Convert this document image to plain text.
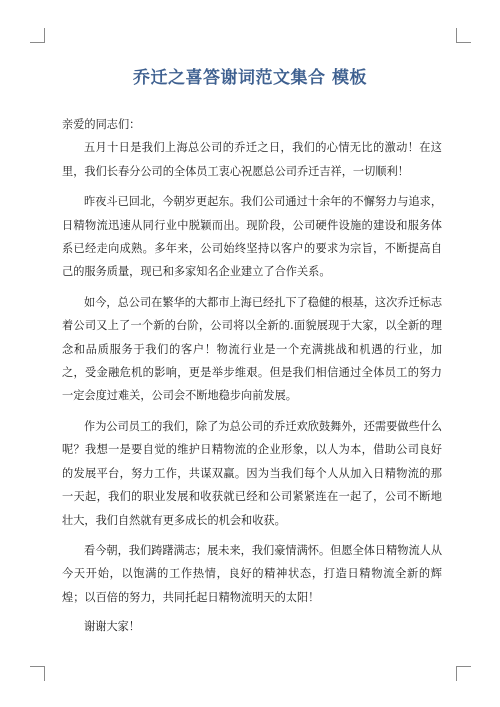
乔迁之喜答谢词范文集合 模板

亲爱的同志们：

五月十日是我们上海总公司的乔迁之日，我们的心情无比的激动！在这里，我们长春分公司的全体员工衷心祝愿总公司乔迁吉祥，一切顺利！

昨夜斗已回北，今朝岁更起东。我们公司通过十余年的不懈努力与追求，日精物流迅速从同行业中脱颖而出。现阶段，公司硬件设施的建设和服务体系已经走向成熟。多年来，公司始终坚持以客户的要求为宗旨，不断提高自己的服务质量，现已和多家知名企业建立了合作关系。

如今，总公司在繁华的大都市上海已经扎下了稳健的根基，这次乔迁标志着公司又上了一个新的台阶，公司将以全新的.面貌展现于大家，以全新的理念和品质服务于我们的客户！物流行业是一个充满挑战和机遇的行业，加之，受金融危机的影响，更是举步维艰。但是我们相信通过全体员工的努力一定会度过难关，公司会不断地稳步向前发展。

作为公司员工的我们，除了为总公司的乔迁欢欣鼓舞外，还需要做些什么呢？我想一是要自觉的维护日精物流的企业形象，以人为本，借助公司良好的发展平台，努力工作，共谋双赢。因为当我们每个人从加入日精物流的那一天起，我们的职业发展和收获就已经和公司紧紧连在一起了，公司不断地壮大，我们自然就有更多成长的机会和收获。

看今朝，我们踌躇满志；展未来，我们豪情满怀。但愿全体日精物流人从今天开始，以饱满的工作热情，良好的精神状态，打造日精物流全新的辉煌；以百倍的努力，共同托起日精物流明天的太阳！

谢谢大家！
